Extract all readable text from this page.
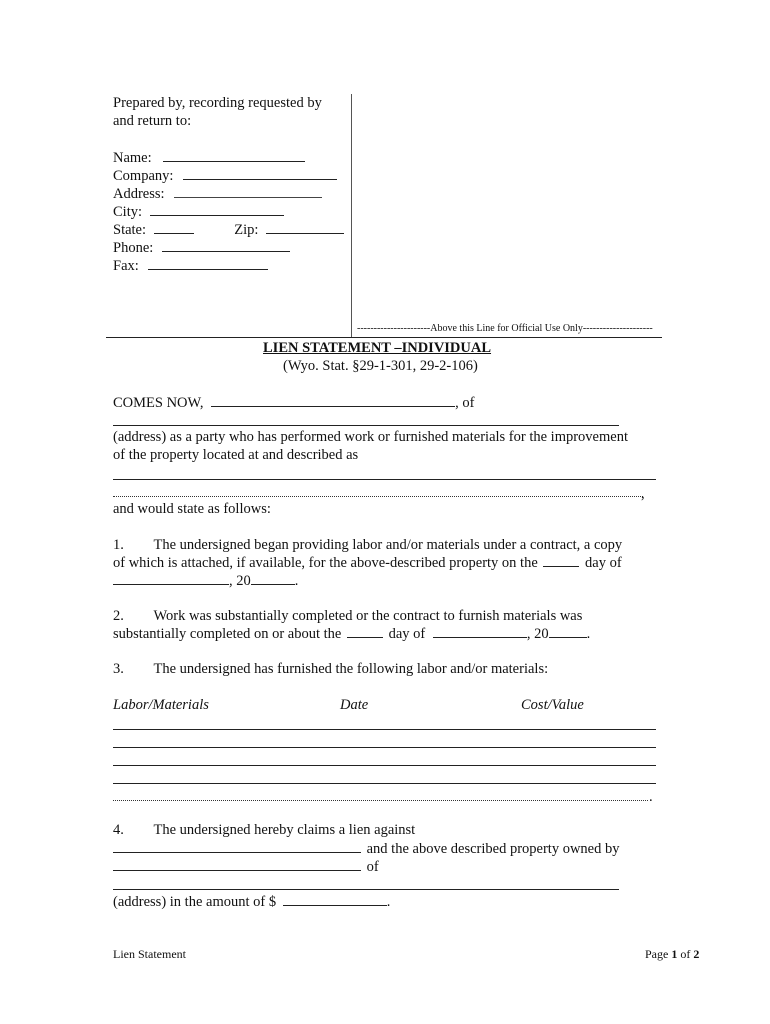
Prepared by, recording requested by
and return to:
Name:
Company:
Address:
City:
State:	Zip:
Phone:
Fax:
----------------------Above this Line for Official Use Only---------------------
LIEN STATEMENT –INDIVIDUAL
(Wyo. Stat. §29-1-301, 29-2-106)
COMES NOW,	, of
(address) as a party who has performed work or furnished materials for the improvement
of the property located at and described as
,
and would state as follows:
1. The undersigned began providing labor and/or materials under a contract, a copy
of which is attached, if available, for the above-described property on the	day of
, 20	.
2. Work was substantially completed or the contract to furnish materials was
substantially completed on or about the	day of	, 20	.
3. The undersigned has furnished the following labor and/or materials:
Labor/Materials	Date	Cost/Value
.
4. The undersigned hereby claims a lien against
and the above described property owned by
of
(address) in the amount of $	.
Lien Statement	Page 1 of 2
